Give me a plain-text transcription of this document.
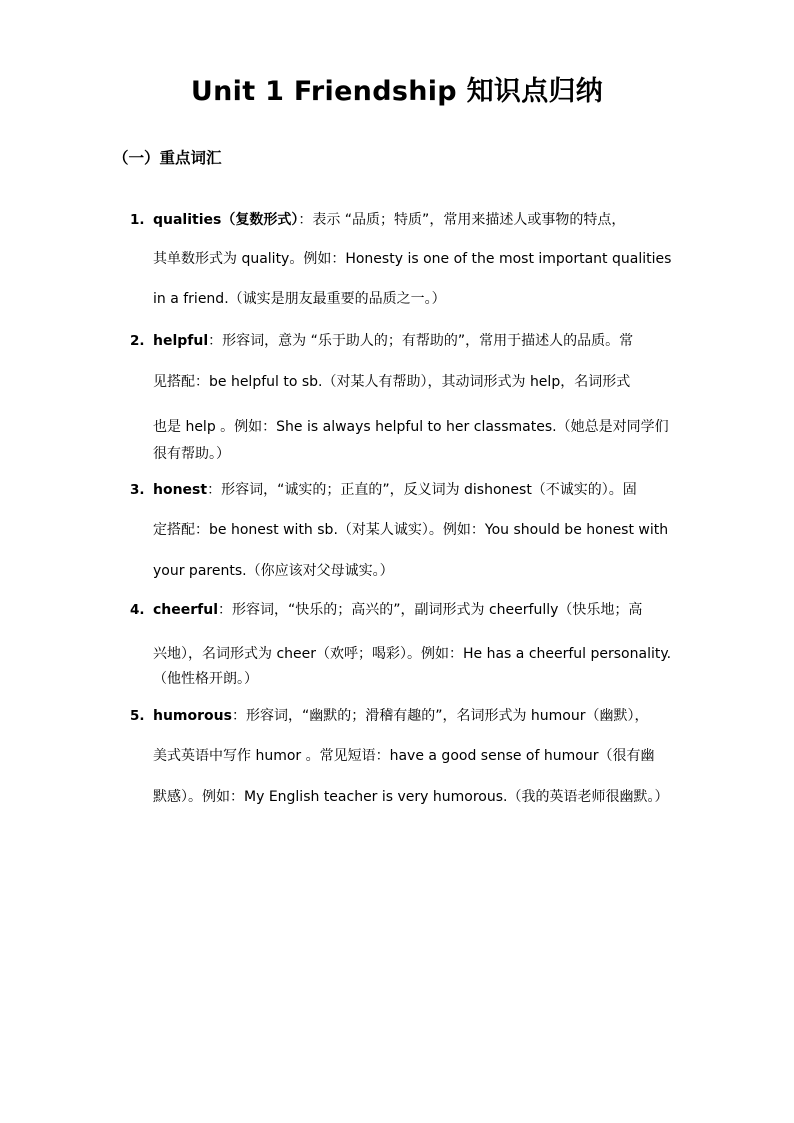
Unit 1 Friendship 知识点归纳
（一）重点词汇
1. qualities（复数形式）：表示 “品质；特质”，常用来描述人或事物的特点，
其单数形式为 quality。例如：Honesty is one of the most important qualities
in a friend.（诚实是朋友最重要的品质之一。）
2. helpful：形容词，意为 “乐于助人的；有帮助的”，常用于描述人的品质。常
见搭配：be helpful to sb.（对某人有帮助），其动词形式为 help，名词形式
也是 help 。例如：She is always helpful to her classmates.（她总是对同学们
很有帮助。）
3. honest：形容词，“诚实的；正直的”，反义词为 dishonest（不诚实的）。固
定搭配：be honest with sb.（对某人诚实）。例如：You should be honest with
your parents.（你应该对父母诚实。）
4. cheerful：形容词，“快乐的；高兴的”，副词形式为 cheerfully（快乐地；高
兴地），名词形式为 cheer（欢呼；喝彩）。例如：He has a cheerful personality.
（他性格开朗。）
5. humorous：形容词，“幽默的；滑稽有趣的”，名词形式为 humour（幽默），
美式英语中写作 humor 。常见短语：have a good sense of humour（很有幽
默感）。例如：My English teacher is very humorous.（我的英语老师很幽默。）
